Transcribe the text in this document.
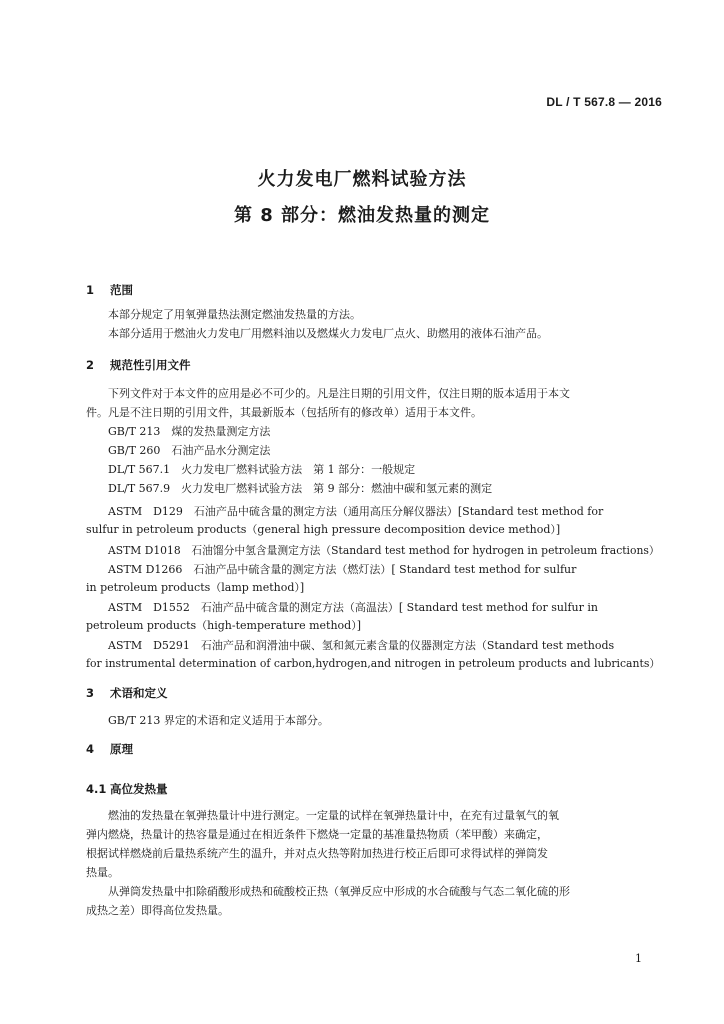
DL / T 567.8 — 2016
火力发电厂燃料试验方法
第 8 部分：燃油发热量的测定
1 范围
本部分规定了用氧弹量热法测定燃油发热量的方法。
本部分适用于燃油火力发电厂用燃料油以及燃煤火力发电厂点火、助燃用的液体石油产品。
2 规范性引用文件
下列文件对于本文件的应用是必不可少的。凡是注日期的引用文件，仅注日期的版本适用于本文
件。凡是不注日期的引用文件，其最新版本（包括所有的修改单）适用于本文件。
GB/T 213　煤的发热量测定方法
GB/T 260　石油产品水分测定法
DL/T 567.1　火力发电厂燃料试验方法　第 1 部分：一般规定
DL/T 567.9　火力发电厂燃料试验方法　第 9 部分：燃油中碳和氢元素的测定
ASTM　D129　石油产品中硫含量的测定方法（通用高压分解仪器法）[Standard test method for
sulfur in petroleum products（general high pressure decomposition device method）]
ASTM D1018　石油馏分中氢含量测定方法（Standard test method for hydrogen in petroleum fractions）
ASTM D1266　石油产品中硫含量的测定方法（燃灯法）[ Standard test method for sulfur
in petroleum products（lamp method）]
ASTM　D1552　石油产品中硫含量的测定方法（高温法）[ Standard test method for sulfur in
petroleum products（high-temperature method）]
ASTM　D5291　石油产品和润滑油中碳、氢和氮元素含量的仪器测定方法（Standard test methods
for instrumental determination of carbon,hydrogen,and nitrogen in petroleum products and lubricants）
3 术语和定义
GB/T 213 界定的术语和定义适用于本部分。
4 原理
4.1 高位发热量
燃油的发热量在氧弹热量计中进行测定。一定量的试样在氧弹热量计中，在充有过量氧气的氧
弹内燃烧，热量计的热容量是通过在相近条件下燃烧一定量的基准量热物质（苯甲酸）来确定，
根据试样燃烧前后量热系统产生的温升，并对点火热等附加热进行校正后即可求得试样的弹筒发
热量。
从弹筒发热量中扣除硝酸形成热和硫酸校正热（氧弹反应中形成的水合硫酸与气态二氧化硫的形
成热之差）即得高位发热量。
1
